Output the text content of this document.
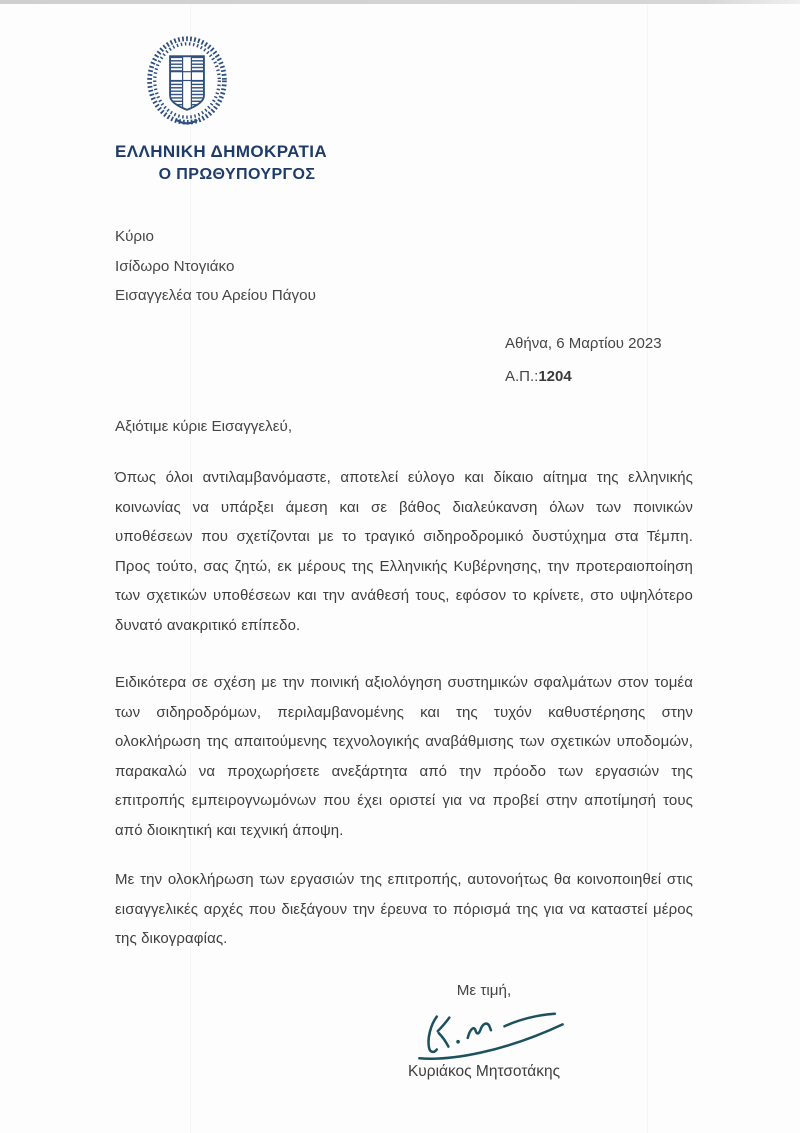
ΕΛΛΗΝΙΚΗ ΔΗΜΟΚΡΑΤΙΑ
Ο ΠΡΩΘΥΠΟΥΡΓΟΣ
Κύριο
Ισίδωρο Ντογιάκο
Εισαγγελέα του Αρείου Πάγου
Αθήνα, 6 Μαρτίου 2023
Α.Π.:1204
Αξιότιμε κύριε Εισαγγελεύ,

Όπως όλοι αντιλαμβανόμαστε, αποτελεί εύλογο και δίκαιο αίτημα της ελληνικής κοινωνίας να υπάρξει άμεση και σε βάθος διαλεύκανση όλων των ποινικών υποθέσεων που σχετίζονται με το τραγικό σιδηροδρομικό δυστύχημα στα Τέμπη. Προς τούτο, σας ζητώ, εκ μέρους της Ελληνικής Κυβέρνησης, την προτεραιοποίηση των σχετικών υποθέσεων και την ανάθεσή τους, εφόσον το κρίνετε, στο υψηλότερο δυνατό ανακριτικό επίπεδο.

Ειδικότερα σε σχέση με την ποινική αξιολόγηση συστημικών σφαλμάτων στον τομέα των σιδηροδρόμων, περιλαμβανομένης και της τυχόν καθυστέρησης στην ολοκλήρωση της απαιτούμενης τεχνολογικής αναβάθμισης των σχετικών υποδομών, παρακαλώ να προχωρήσετε ανεξάρτητα από την πρόοδο των εργασιών της επιτροπής εμπειρογνωμόνων που έχει οριστεί για να προβεί στην αποτίμησή τους από διοικητική και τεχνική άποψη.

Με την ολοκλήρωση των εργασιών της επιτροπής, αυτονοήτως θα κοινοποιηθεί στις εισαγγελικές αρχές που διεξάγουν την έρευνα το πόρισμά της για να καταστεί μέρος της δικογραφίας.

Με τιμή,
Κυριάκος Μητσοτάκης
